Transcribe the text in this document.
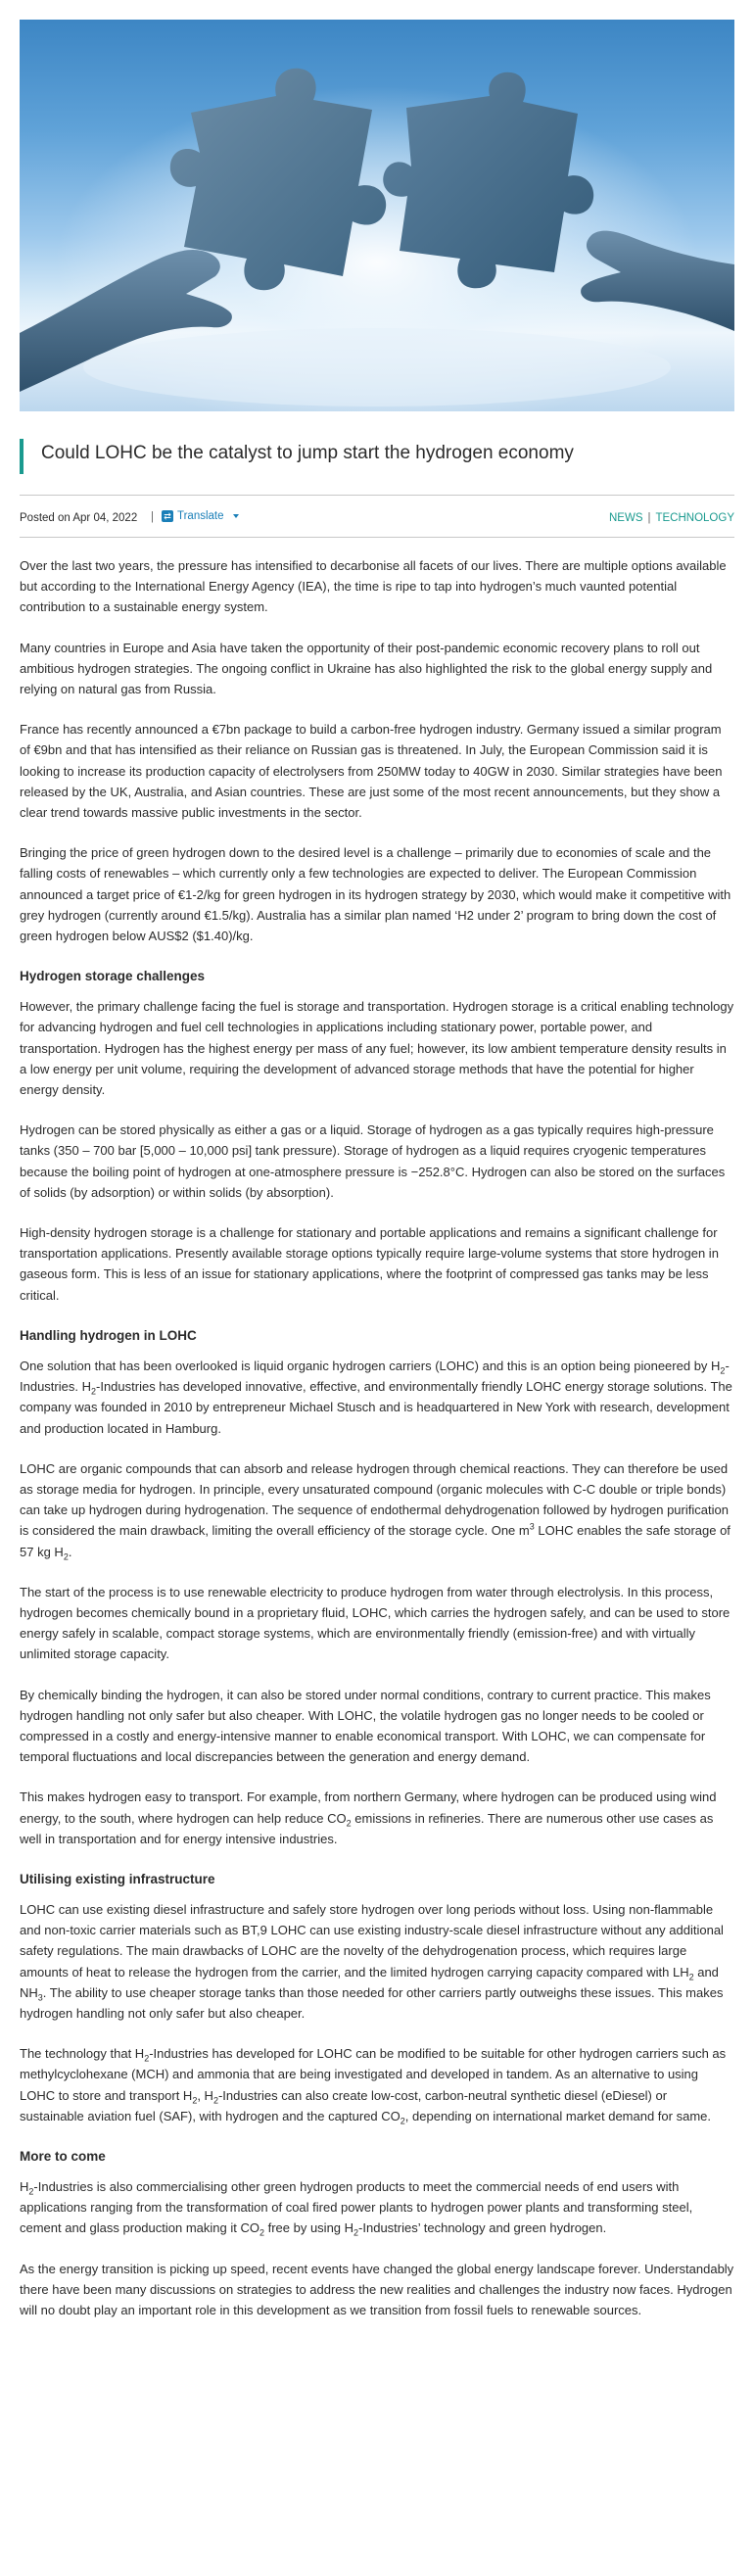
Could LOHC be the catalyst to jump start the hydrogen economy
Posted on Apr 04, 2022 | ⇄ Translate	NEWS | TECHNOLOGY

Over the last two years, the pressure has intensified to decarbonise all facets of our lives. There are multiple options available but according to the International Energy Agency (IEA), the time is ripe to tap into hydrogen’s much vaunted potential contribution to a sustainable energy system.

Many countries in Europe and Asia have taken the opportunity of their post-pandemic economic recovery plans to roll out ambitious hydrogen strategies. The ongoing conflict in Ukraine has also highlighted the risk to the global energy supply and relying on natural gas from Russia.

France has recently announced a €7bn package to build a carbon-free hydrogen industry. Germany issued a similar program of €9bn and that has intensified as their reliance on Russian gas is threatened. In July, the European Commission said it is looking to increase its production capacity of electrolysers from 250MW today to 40GW in 2030. Similar strategies have been released by the UK, Australia, and Asian countries. These are just some of the most recent announcements, but they show a clear trend towards massive public investments in the sector.

Bringing the price of green hydrogen down to the desired level is a challenge – primarily due to economies of scale and the falling costs of renewables – which currently only a few technologies are expected to deliver. The European Commission announced a target price of €1-2/kg for green hydrogen in its hydrogen strategy by 2030, which would make it competitive with grey hydrogen (currently around €1.5/kg). Australia has a similar plan named ‘H2 under 2’ program to bring down the cost of green hydrogen below AUS$2 ($1.40)/kg.

Hydrogen storage challenges

However, the primary challenge facing the fuel is storage and transportation. Hydrogen storage is a critical enabling technology for advancing hydrogen and fuel cell technologies in applications including stationary power, portable power, and transportation. Hydrogen has the highest energy per mass of any fuel; however, its low ambient temperature density results in a low energy per unit volume, requiring the development of advanced storage methods that have the potential for higher energy density.

Hydrogen can be stored physically as either a gas or a liquid. Storage of hydrogen as a gas typically requires high-pressure tanks (350 – 700 bar [5,000 – 10,000 psi] tank pressure). Storage of hydrogen as a liquid requires cryogenic temperatures because the boiling point of hydrogen at one-atmosphere pressure is −252.8°C. Hydrogen can also be stored on the surfaces of solids (by adsorption) or within solids (by absorption).

High-density hydrogen storage is a challenge for stationary and portable applications and remains a significant challenge for transportation applications. Presently available storage options typically require large-volume systems that store hydrogen in gaseous form. This is less of an issue for stationary applications, where the footprint of compressed gas tanks may be less critical.

Handling hydrogen in LOHC

One solution that has been overlooked is liquid organic hydrogen carriers (LOHC) and this is an option being pioneered by $H_2$-Industries. $H_2$-Industries has developed innovative, effective, and environmentally friendly LOHC energy storage solutions. The company was founded in 2010 by entrepreneur Michael Stusch and is headquartered in New York with research, development and production located in Hamburg.

LOHC are organic compounds that can absorb and release hydrogen through chemical reactions. They can therefore be used as storage media for hydrogen. In principle, every unsaturated compound (organic molecules with C-C double or triple bonds) can take up hydrogen during hydrogenation. The sequence of endothermal dehydrogenation followed by hydrogen purification is considered the main drawback, limiting the overall efficiency of the storage cycle. One $m^3$ LOHC enables the safe storage of 57 kg $H_2$.

The start of the process is to use renewable electricity to produce hydrogen from water through electrolysis. In this process, hydrogen becomes chemically bound in a proprietary fluid, LOHC, which carries the hydrogen safely, and can be used to store energy safely in scalable, compact storage systems, which are environmentally friendly (emission-free) and with virtually unlimited storage capacity.

By chemically binding the hydrogen, it can also be stored under normal conditions, contrary to current practice. This makes hydrogen handling not only safer but also cheaper. With LOHC, the volatile hydrogen gas no longer needs to be cooled or compressed in a costly and energy-intensive manner to enable economical transport. With LOHC, we can compensate for temporal fluctuations and local discrepancies between the generation and energy demand.

This makes hydrogen easy to transport. For example, from northern Germany, where hydrogen can be produced using wind energy, to the south, where hydrogen can help reduce $CO_2$ emissions in refineries. There are numerous other use cases as well in transportation and for energy intensive industries.

Utilising existing infrastructure

LOHC can use existing diesel infrastructure and safely store hydrogen over long periods without loss. Using non-flammable and non-toxic carrier materials such as BT,9 LOHC can use existing industry-scale diesel infrastructure without any additional safety regulations. The main drawbacks of LOHC are the novelty of the dehydrogenation process, which requires large amounts of heat to release the hydrogen from the carrier, and the limited hydrogen carrying capacity compared with $LH_2$ and $NH_3$. The ability to use cheaper storage tanks than those needed for other carriers partly outweighs these issues. This makes hydrogen handling not only safer but also cheaper.

The technology that $H_2$-Industries has developed for LOHC can be modified to be suitable for other hydrogen carriers such as methylcyclohexane (MCH) and ammonia that are being investigated and developed in tandem. As an alternative to using LOHC to store and transport $H_2$, $H_2$-Industries can also create low-cost, carbon-neutral synthetic diesel (eDiesel) or sustainable aviation fuel (SAF), with hydrogen and the captured $CO_2$, depending on international market demand for same.

More to come

$H_2$-Industries is also commercialising other green hydrogen products to meet the commercial needs of end users with applications ranging from the transformation of coal fired power plants to hydrogen power plants and transforming steel, cement and glass production making it $CO_2$ free by using $H_2$-Industries’ technology and green hydrogen.

As the energy transition is picking up speed, recent events have changed the global energy landscape forever. Understandably there have been many discussions on strategies to address the new realities and challenges the industry now faces. Hydrogen will no doubt play an important role in this development as we transition from fossil fuels to renewable sources.
